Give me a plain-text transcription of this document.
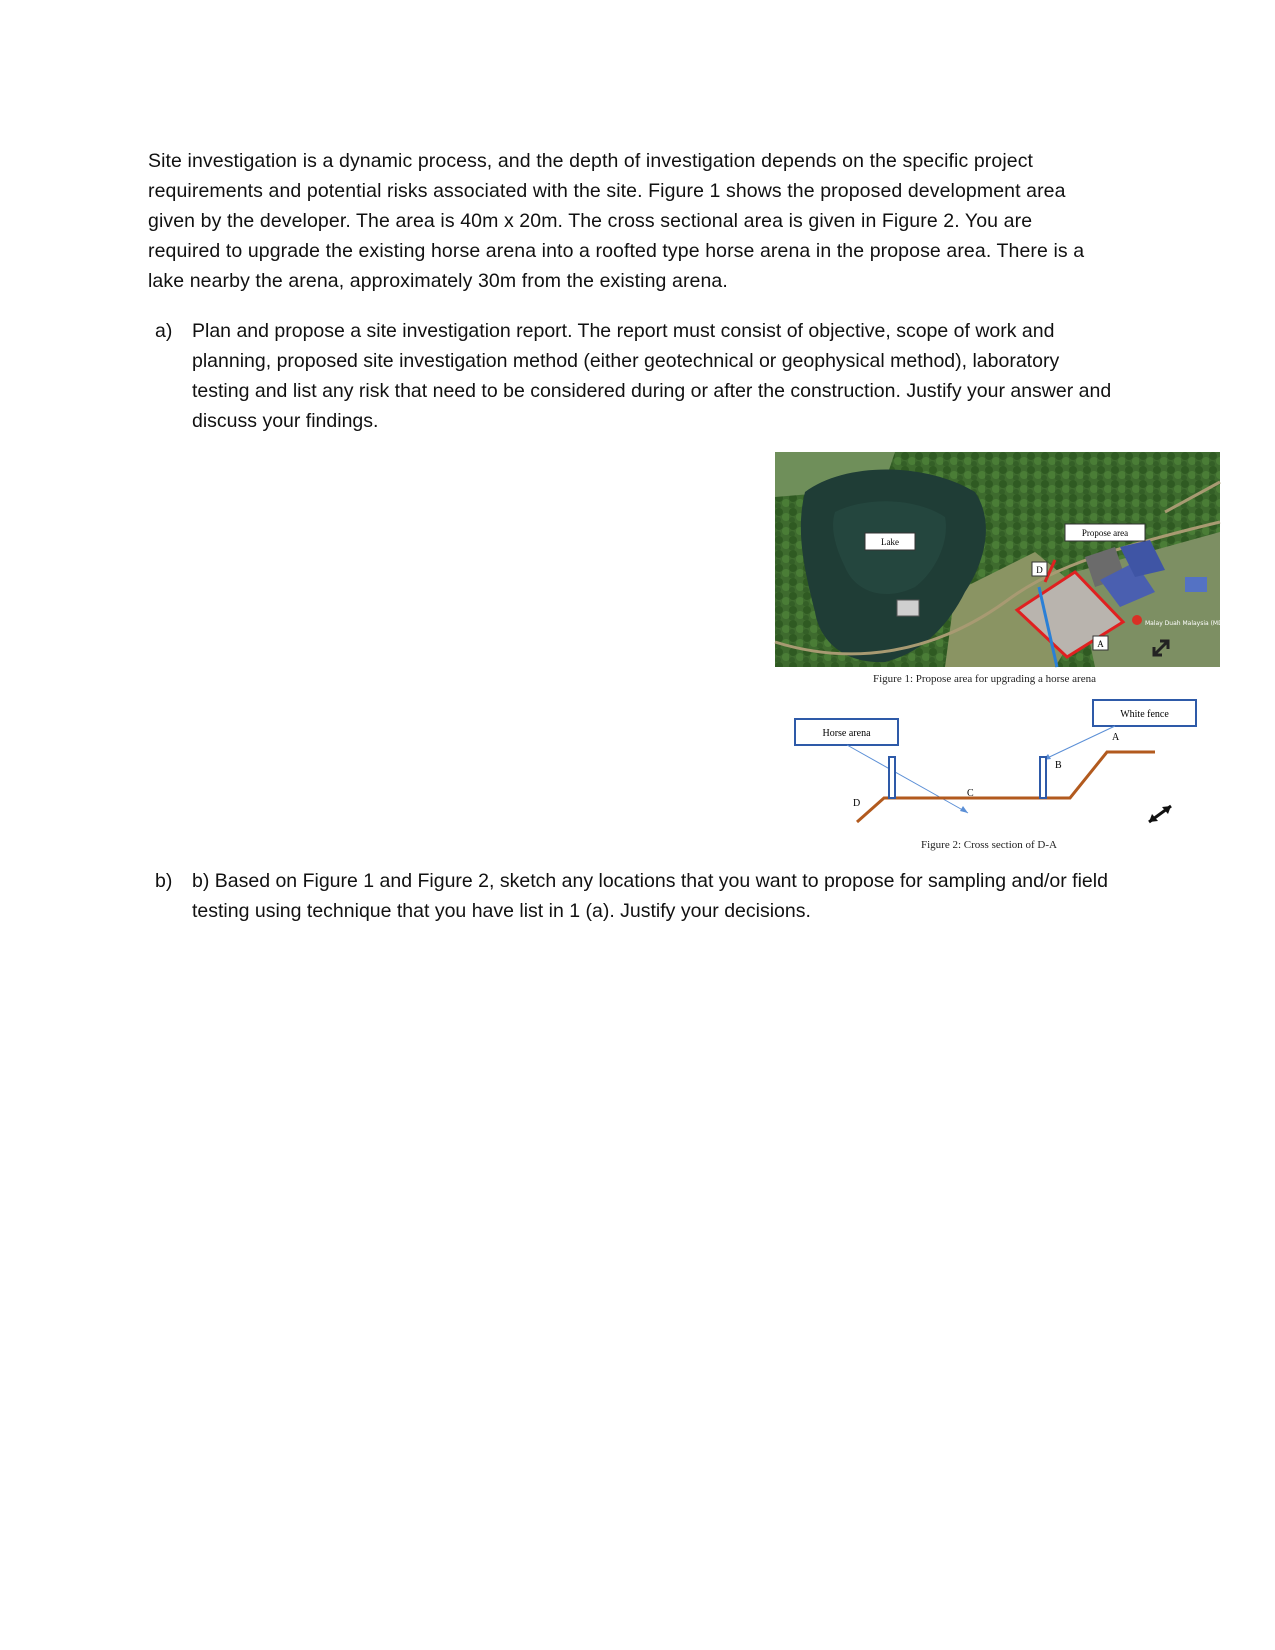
Site investigation is a dynamic process, and the depth of investigation depends on the specific project requirements and potential risks associated with the site. Figure 1 shows the proposed development area given by the developer. The area is 40m x 20m. The cross sectional area is given in Figure 2. You are required to upgrade the existing horse arena into a roofted type horse arena in the propose area. There is a lake nearby the arena, approximately 30m from the existing arena.
a) Plan and propose a site investigation report. The report must consist of objective, scope of work and planning, proposed site investigation method (either geotechnical or geophysical method), laboratory testing and list any risk that need to be considered during or after the construction. Justify your answer and discuss your findings.
Lake
Propose area
D
A
Malay Duah Malaysia (MDM) Stables
Figure 1: Propose area for upgrading a horse arena
Horse arena
White fence
D
C
B
A
Figure 2: Cross section of D-A
b) b) Based on Figure 1 and Figure 2, sketch any locations that you want to propose for sampling and/or field testing using technique that you have list in 1 (a). Justify your decisions.
